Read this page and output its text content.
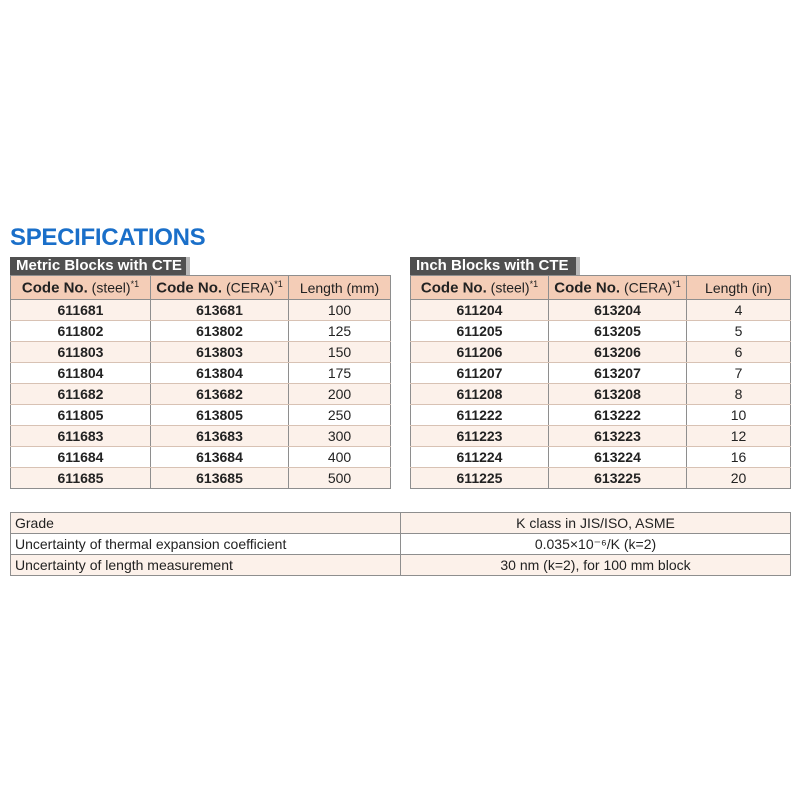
SPECIFICATIONS
Metric Blocks with CTE
Code No. (steel)$^{*1}$	Code No. (CERA)$^{*1}$	Length (mm)
611681	613681	100
611802	613802	125
611803	613803	150
611804	613804	175
611682	613682	200
611805	613805	250
611683	613683	300
611684	613684	400
611685	613685	500
Inch Blocks with CTE
Code No. (steel)$^{*1}$	Code No. (CERA)$^{*1}$	Length (in)
611204	613204	4
611205	613205	5
611206	613206	6
611207	613207	7
611208	613208	8
611222	613222	10
611223	613223	12
611224	613224	16
611225	613225	20
Grade	K class in JIS/ISO, ASME
Uncertainty of thermal expansion coefficient	0.035×10⁻⁶/K (k=2)
Uncertainty of length measurement	30 nm (k=2), for 100 mm block
